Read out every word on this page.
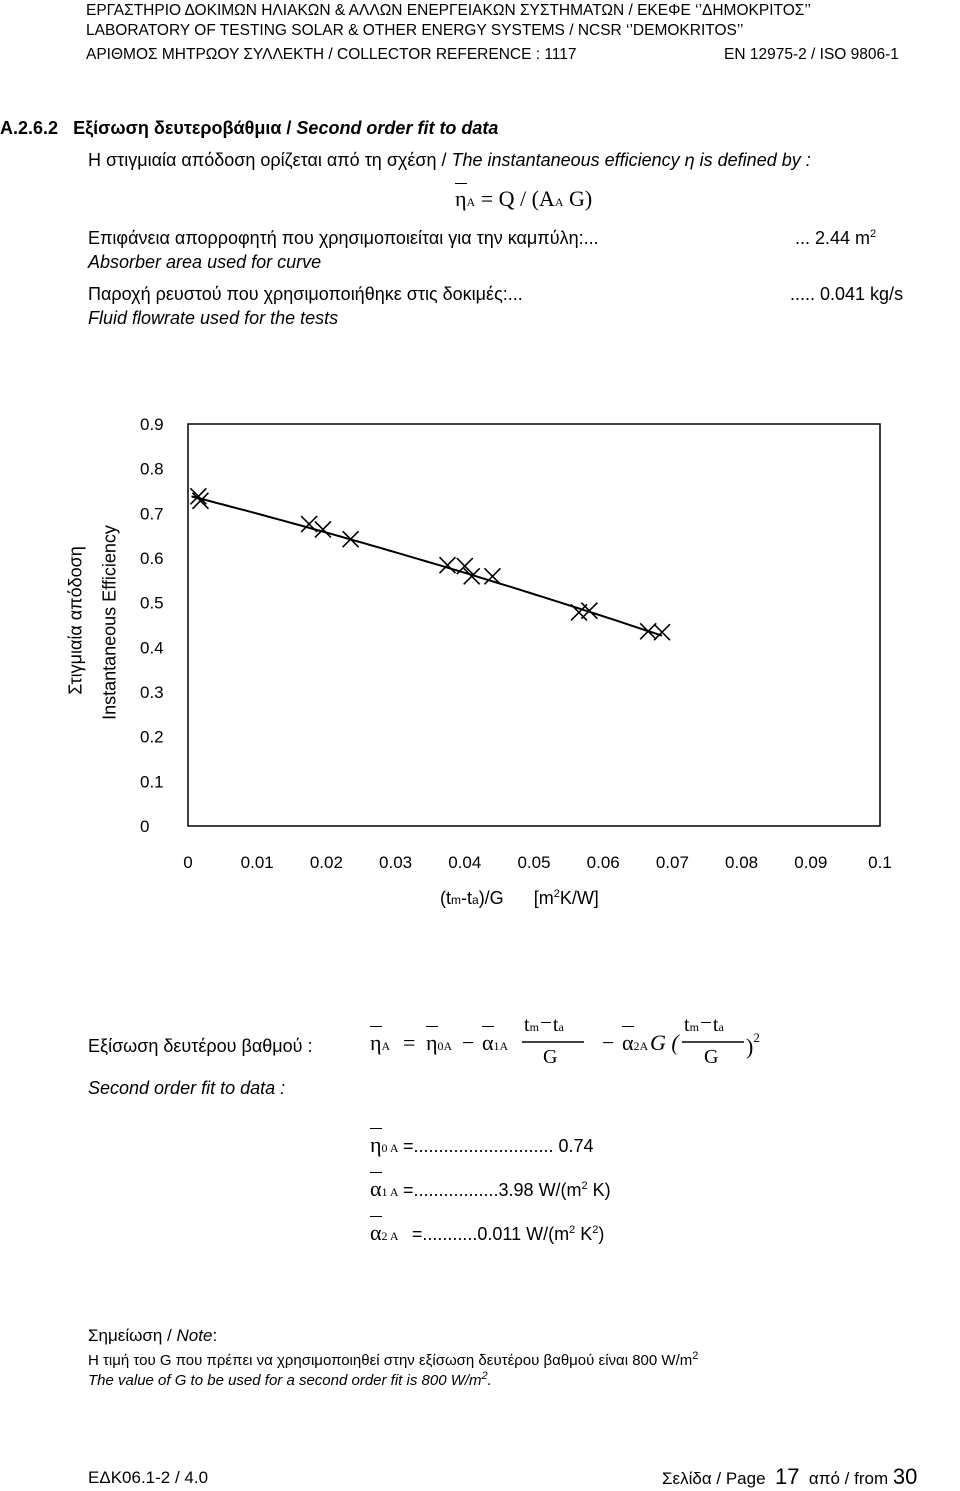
ΕΡΓΑΣΤΗΡΙΟ ΔΟΚΙΜΩΝ ΗΛΙΑΚΩΝ & ΑΛΛΩΝ ΕΝΕΡΓΕΙΑΚΩΝ ΣΥΣΤΗΜΑΤΩΝ / ΕΚΕΦΕ ‘’ΔΗΜΟΚΡΙΤΟΣ’’
LABORATORY OF TESTING SOLAR & OTHER ENERGY SYSTEMS / NCSR ‘’DEMOKRITOS’’
ΑΡΙΘΜΟΣ ΜΗΤΡΩΟΥ ΣΥΛΛΕΚΤΗ / COLLECTOR REFERENCE : 1117	EN 12975-2 / ISO 9806-1
A.2.6.2 Εξίσωση δευτεροβάθμια / Second order fit to data
Η στιγμιαία απόδοση ορίζεται από τη σχέση / The instantaneous efficiency η is defined by :
ηA = Q / (AA G)
Επιφάνεια απορροφητή που χρησιμοποιείται για την καμπύλη:...	... 2.44 $m^2$
Absorber area used for curve
Παροχή ρευστού που χρησιμοποιήθηκε στις δοκιμές:...	..... 0.041 kg/s
Fluid flowrate used for the tests
0
0.1
0.2
0.3
0.4
0.5
0.6
0.7
0.8
0.9
0	0.01 0.02 0.03 0.04 0.05 0.06 0.07 0.08 0.09 0.1
Στιγμιαία απόδοση Instantaneous Efficiency
(tm-ta)/G      $[m^2K/W]$
Εξίσωση δευτέρου βαθμού :
Second order fit to data :
ηA = η0A − α1A
tm ta
G
− α2A G (
tm ta
G )$^2$
η0 A =............................ 0.74
α1 A =.................3.98 $W/(m^2$ K)
α2 A =...........0.011 $W/(m^2$ $K^2$)
Σημείωση / Note:
Η τιμή του G που πρέπει να χρησιμοποιηθεί στην εξίσωση δευτέρου βαθμού είναι 800 $W/m^2$
The value of G to be used for a second order fit is 800 $W/m^2$.
ΕΔΚ06.1-2 / 4.0	Σελίδα / Page 17 από / from 30
